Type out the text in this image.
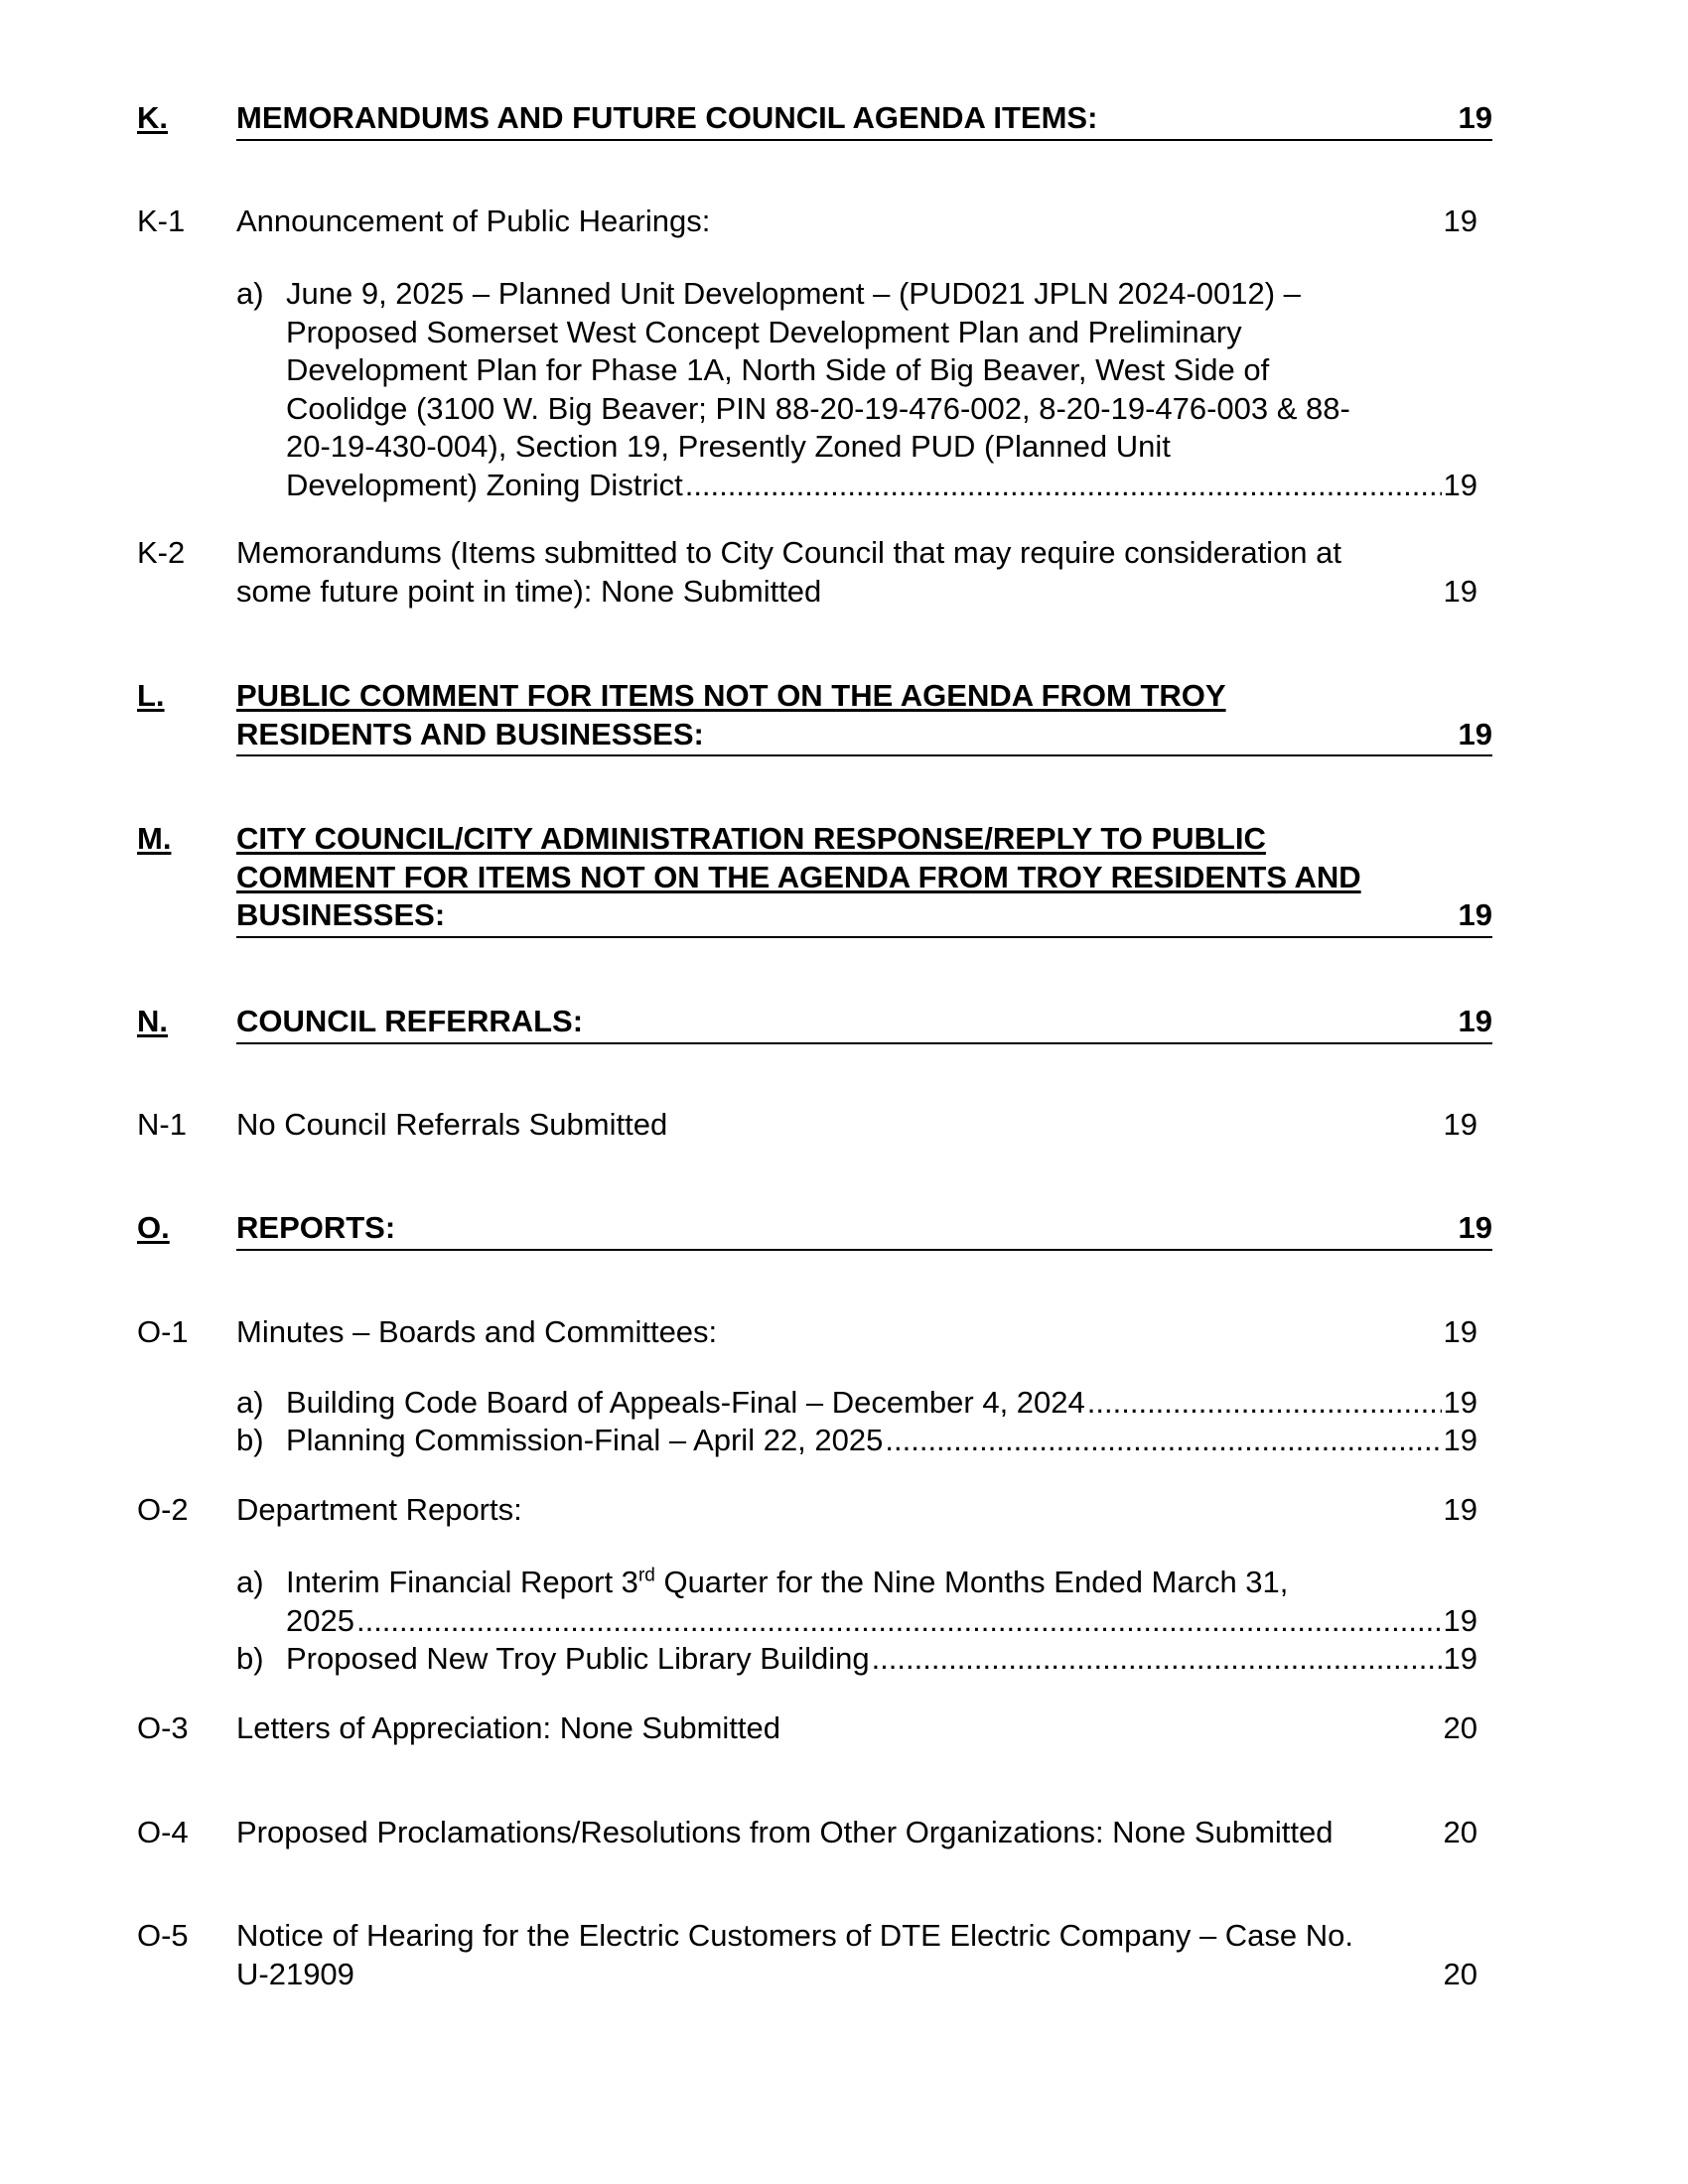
K. MEMORANDUMS AND FUTURE COUNCIL AGENDA ITEMS:	19
K-1 Announcement of Public Hearings:	19
a) June 9, 2025 – Planned Unit Development – (PUD021 JPLN 2024-0012) –
Proposed Somerset West Concept Development Plan and Preliminary
Development Plan for Phase 1A, North Side of Big Beaver, West Side of
Coolidge (3100 W. Big Beaver; PIN 88-20-19-476-002, 8-20-19-476-003 & 88-
20-19-430-004), Section 19, Presently Zoned PUD (Planned Unit
Development) Zoning District .....	19
K-2 Memorandums (Items submitted to City Council that may require consideration at
some future point in time): None Submitted	19
L. PUBLIC COMMENT FOR ITEMS NOT ON THE AGENDA FROM TROY
RESIDENTS AND BUSINESSES:	19
M. CITY COUNCIL/CITY ADMINISTRATION RESPONSE/REPLY TO PUBLIC
COMMENT FOR ITEMS NOT ON THE AGENDA FROM TROY RESIDENTS AND
BUSINESSES:	19
N. COUNCIL REFERRALS:	19
N-1 No Council Referrals Submitted	19
O. REPORTS:	19
O-1 Minutes – Boards and Committees:	19
a) Building Code Board of Appeals-Final – December 4, 2024 .....	19
b) Planning Commission-Final – April 22, 2025 .....	19
O-2 Department Reports:	19
a) Interim Financial Report 3rd Quarter for the Nine Months Ended March 31,
2025 .....	19
b) Proposed New Troy Public Library Building .....	19
O-3 Letters of Appreciation: None Submitted	20
O-4 Proposed Proclamations/Resolutions from Other Organizations: None Submitted	20
O-5 Notice of Hearing for the Electric Customers of DTE Electric Company – Case No.
U-21909	20
